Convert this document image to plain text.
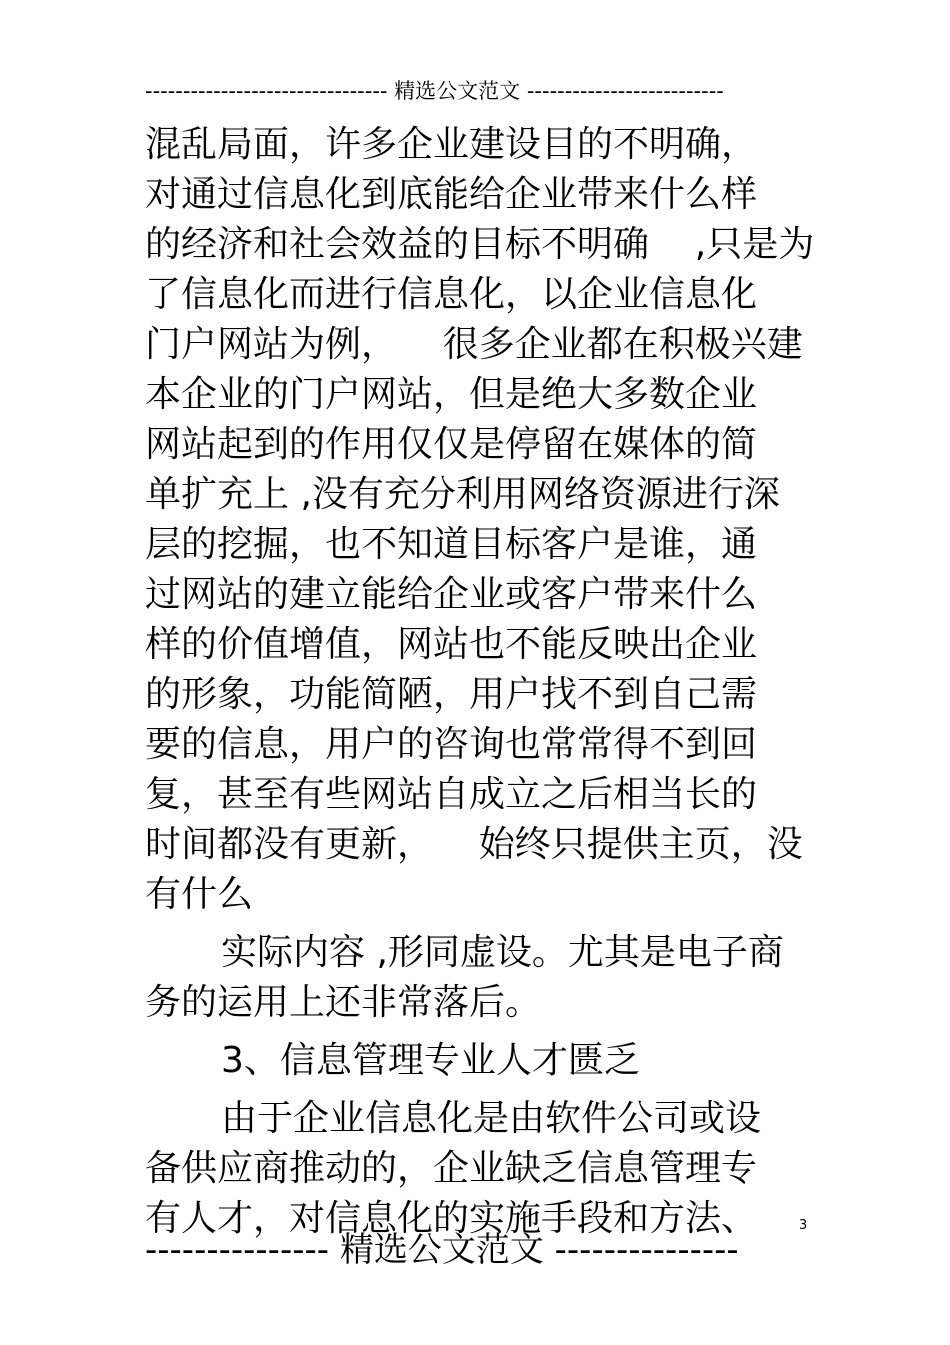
-------------------------------- 精选公文范文 --------------------------
混乱局面，许多企业建设目的不明确，
对通过信息化到底能给企业带来什么样
的经济和社会效益的目标不明确    ,只是为
了信息化而进行信息化，以企业信息化
门户网站为例，    很多企业都在积极兴建
本企业的门户网站，但是绝大多数企业
网站起到的作用仅仅是停留在媒体的简
单扩充上 ,没有充分利用网络资源进行深
层的挖掘，也不知道目标客户是谁，通
过网站的建立能给企业或客户带来什么
样的价值增值，网站也不能反映出企业
的形象，功能简陋，用户找不到自己需
要的信息，用户的咨询也常常得不到回
复，甚至有些网站自成立之后相当长的
时间都没有更新，    始终只提供主页，没
有什么
实际内容 ,形同虚设。尤其是电子商
务的运用上还非常落后。
3、信息管理专业人才匮乏
由于企业信息化是由软件公司或设
备供应商推动的，企业缺乏信息管理专
有人才，对信息化的实施手段和方法、	3
--------------- 精选公文范文 ---------------
